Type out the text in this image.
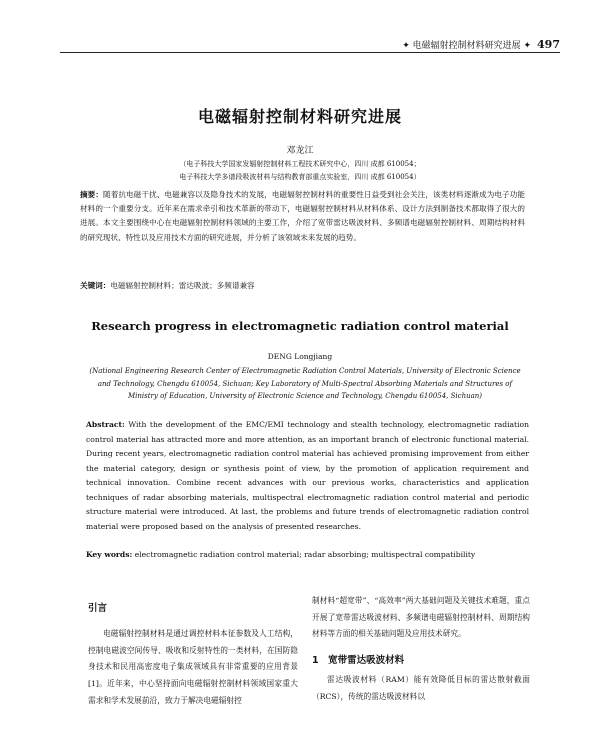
✦ 电磁辐射控制材料研究进展 ✦ 497
电磁辐射控制材料研究进展
邓龙江
（电子科技大学国家发辐射控制材料工程技术研究中心，四川 成都 610054；
电子科技大学多谱段吸波材料与结构教育部重点实验室，四川 成都 610054）
摘要：随着抗电磁干扰、电磁兼容以及隐身技术的发展，电磁辐射控制材料的重要性日益受到社会关注，该类材料逐渐成为电子功能材料的一个重要分支。近年来在需求牵引和技术革新的带动下，电磁辐射控制材料从材料体系、设计方法到制备技术都取得了很大的进展。本文主要围绕中心在电磁辐射控制材料领域的主要工作，介绍了宽带雷达吸波材料、多频谱电磁辐射控制材料、周期结构材料的研究现状、特性以及应用技术方面的研究进展，并分析了该领域未来发展的趋势。
关键词：电磁辐射控制材料；雷达吸波；多频谱兼容
Research progress in electromagnetic radiation control material
DENG Longjiang
(National Engineering Research Center of Electromagnetic Radiation Control Materials, University of Electronic Science and Technology, Chengdu 610054, Sichuan; Key Laboratory of Multi-Spectral Absorbing Materials and Structures of Ministry of Education, University of Electronic Science and Technology, Chengdu 610054, Sichuan)
Abstract: With the development of the EMC/EMI technology and stealth technology, electromagnetic radiation control material has attracted more and more attention, as an important branch of electronic functional material. During recent years, electromagnetic radiation control material has achieved promising improvement from either the material category, design or synthesis point of view, by the promotion of application requirement and technical innovation. Combine recent advances with our previous works, characteristics and application techniques of radar absorbing materials, multispectral electromagnetic radiation control material and periodic structure material were introduced. At last, the problems and future trends of electromagnetic radiation control material were proposed based on the analysis of presented researches.
Key words: electromagnetic radiation control material; radar absorbing; multispectral compatibility
引言
电磁辐射控制材料是通过调控材料本征参数及人工结构，控制电磁波空间传导、吸收和反射特性的一类材料，在国防隐身技术和民用高密度电子集成领域具有非常重要的应用背景[1]。近年来，中心坚持面向电磁辐射控制材料领域国家重大需求和学术发展前沿，致力于解决电磁辐射控
制材料“超宽带”、“高效率”两大基础问题及关键技术难题，重点开展了宽带雷达吸波材料、多频谱电磁辐射控制材料、周期结构材料等方面的相关基础问题及应用技术研究。
1　宽带雷达吸波材料
雷达吸波材料（RAM）能有效降低目标的雷达散射截面（RCS），传统的雷达吸波材料以
